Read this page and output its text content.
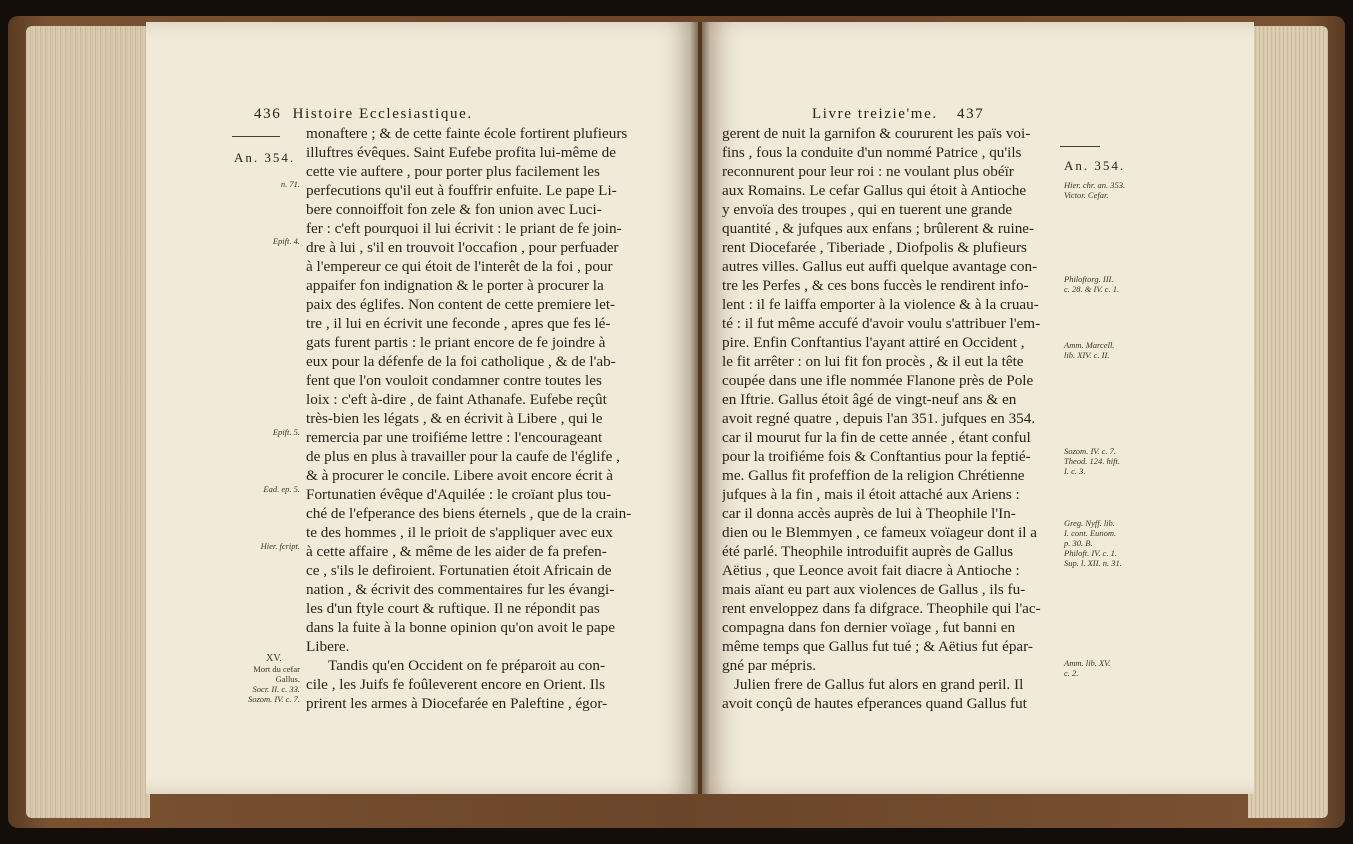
436 Histoire Ecclesiastique.
An. 354.
monaftere ; & de cette fainte école fortirent plufieurs
illuftres évêques. Saint Eufebe profita lui-même de
cette vie auftere , pour porter plus facilement les
perfecutions qu'il eut à fouffrir enfuite. Le pape Li-
bere connoiffoit fon zele & fon union avec Luci-
fer : c'eft pourquoi il lui écrivit : le priant de fe join-
dre à lui , s'il en trouvoit l'occafion , pour perfuader
à l'empereur ce qui étoit de l'interêt de la foi , pour
appaifer fon indignation & le porter à procurer la
paix des églifes. Non content de cette premiere let-
tre , il lui en écrivit une feconde , apres que fes lé-
gats furent partis : le priant encore de fe joindre à
eux pour la défenfe de la foi catholique , & de l'ab-
fent que l'on vouloit condamner contre toutes les
loix : c'eft à-dire , de faint Athanafe. Eufebe reçût
très-bien les légats , & en écrivit à Libere , qui le
remercia par une troifiéme lettre : l'encourageant
de plus en plus à travailler pour la caufe de l'églife ,
& à procurer le concile. Libere avoit encore écrit à
Fortunatien évêque d'Aquilée : le croïant plus tou-
ché de l'efperance des biens éternels , que de la crain-
te des hommes , il le prioit de s'appliquer avec eux
à cette affaire , & même de les aider de fa prefen-
ce , s'ils le defiroient. Fortunatien étoit Africain de
nation , & écrivit des commentaires fur les évangi-
les d'un ftyle court & ruftique. Il ne répondit pas
dans la fuite à la bonne opinion qu'on avoit le pape
Libere.
Tandis qu'en Occident on fe préparoit au con-
cile , les Juifs fe foûleverent encore en Orient. Ils
prirent les armes à Diocefarée en Paleftine , égor-
n. 71.
Epift. 4.
Epift. 5.
Ead. ep. 5.
Hier. fcript.
XV.
Mort du cefar
Gallus.
Socr. II. c. 33.
Sozom. IV. c. 7.
Livre treizie'me. 437
An. 354.
gerent de nuit la garnifon & coururent les païs voi-
fins , fous la conduite d'un nommé Patrice , qu'ils
reconnurent pour leur roi : ne voulant plus obéïr
aux Romains. Le cefar Gallus qui étoit à Antioche
y envoïa des troupes , qui en tuerent une grande
quantité , & jufques aux enfans ; brûlerent & ruine-
rent Diocefarée , Tiberiade , Diofpolis & plufieurs
autres villes. Gallus eut auffi quelque avantage con-
tre les Perfes , & ces bons fuccès le rendirent info-
lent : il fe laiffa emporter à la violence & à la cruau-
té : il fut même accufé d'avoir voulu s'attribuer l'em-
pire. Enfin Conftantius l'ayant attiré en Occident ,
le fit arrêter : on lui fit fon procès , & il eut la tête
coupée dans une ifle nommée Flanone près de Pole
en Iftrie. Gallus étoit âgé de vingt-neuf ans & en
avoit regné quatre , depuis l'an 351. jufques en 354.
car il mourut fur la fin de cette année , étant conful
pour la troifiéme fois & Conftantius pour la feptié-
me. Gallus fit profeffion de la religion Chrétienne
jufques à la fin , mais il étoit attaché aux Ariens :
car il donna accès auprès de lui à Theophile l'In-
dien ou le Blemmyen , ce fameux voïageur dont il a
été parlé. Theophile introduifit auprès de Gallus
Aëtius , que Leonce avoit fait diacre à Antioche :
mais aïant eu part aux violences de Gallus , ils fu-
rent enveloppez dans fa difgrace. Theophile qui l'ac-
compagna dans fon dernier voïage , fut banni en
même temps que Gallus fut tué ; & Aëtius fut épar-
gné par mépris.
Julien frere de Gallus fut alors en grand peril. Il
avoit conçû de hautes efperances quand Gallus fut
Hier. chr. an. 353.
Victor. Cefar.
Philoftorg. III.
c. 28. & IV. c. 1.
Amm. Marcell.
lib. XIV. c. II.
Sozom. IV. c. 7.
Theod. 124. hift.
I. c. 3.
Greg. Nyff. lib.
I. cont. Eunom.
p. 30. B.
Philoft. IV. c. 1.
Sup. l. XII. n. 31.
Amm. lib. XV.
c. 2.
